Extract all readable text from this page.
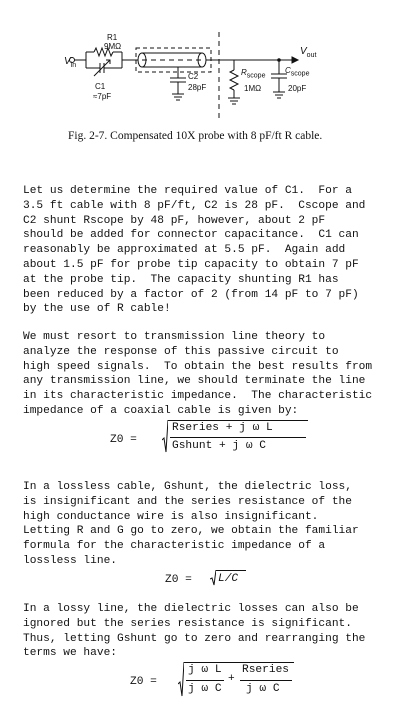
$V_{in}$
R1
9MΩ
C1
≈7pF
C2
28pF
$R_{scope}$
1MΩ
$C_{scope}$
20pF
$V_{out}$
Fig. 2-7. Compensated 10X probe with 8 pF/ft R cable.

Let us determine the required value of C1.  For a
3.5 ft cable with 8 pF/ft, C2 is 28 pF.  Cscope and
C2 shunt Rscope by 48 pF, however, about 2 pF
should be added for connector capacitance.  C1 can
reasonably be approximated at 5.5 pF.  Again add
about 1.5 pF for probe tip capacity to obtain 7 pF
at the probe tip.  The capacity shunting R1 has
been reduced by a factor of 2 (from 14 pF to 7 pF)
by the use of R cable!

We must resort to transmission line theory to
analyze the response of this passive circuit to
high speed signals.  To obtain the best results from
any transmission line, we should terminate the line
in its characteristic impedance.  The characteristic
impedance of a coaxial cable is given by:

Z0 =
Rseries + j ω L
Gshunt + j ω C

In a lossless cable, Gshunt, the dielectric loss,
is insignificant and the series resistance of the
high conductance wire is also insignificant.
Letting R and G go to zero, we obtain the familiar
formula for the characteristic impedance of a
lossless line.

Z0 = L/C

In a lossy line, the dielectric losses can also be
ignored but the series resistance is significant.
Thus, letting Gshunt go to zero and rearranging the
terms we have:

Z0 =
j ω L
j ω C
+
Rseries
j ω C
